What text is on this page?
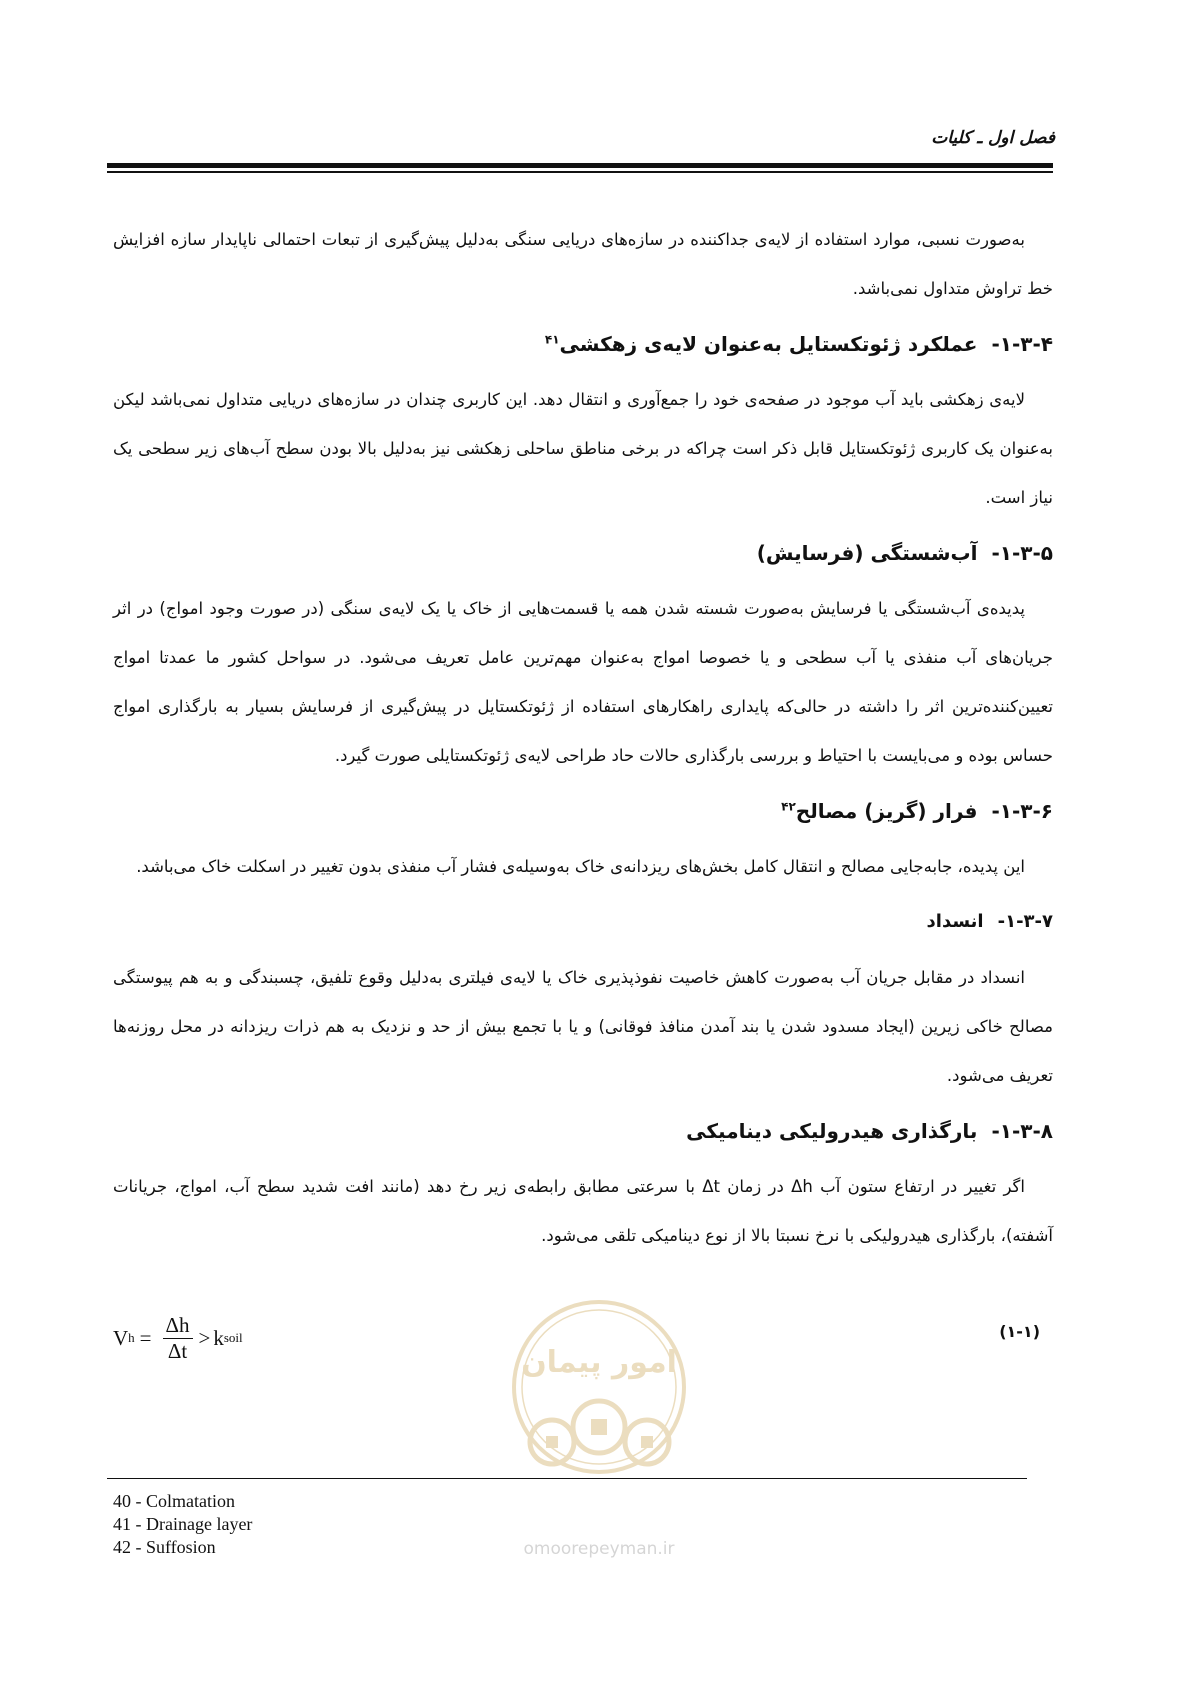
فصل اول ـ کلیات

به‌صورت نسبی، موارد استفاده از لایه‌ی جداکننده در سازه‌های دریایی سنگی به‌دلیل پیش‌گیری از تبعات احتمالی ناپایدار سازه افزایش خط تراوش متداول نمی‌باشد.

۱-۳-۴-عملکرد ژئوتکستایل به‌عنوان لایه‌ی زهکشی$^{۴۱}$

لایه‌ی زهکشی باید آب موجود در صفحه‌ی خود را جمع‌آوری و انتقال دهد. این کاربری چندان در سازه‌های دریایی متداول نمی‌باشد لیکن به‌عنوان یک کاربری ژئوتکستایل قابل ذکر است چراکه در برخی مناطق ساحلی زهکشی نیز به‌دلیل بالا بودن سطح آب‌های زیر سطحی یک نیاز است.

۱-۳-۵-آب‌شستگی (فرسایش)

پدیده‌ی آب‌شستگی یا فرسایش به‌صورت شسته شدن همه یا قسمت‌هایی از خاک یا یک لایه‌ی سنگی (در صورت وجود امواج) در اثر جریان‌های آب منفذی یا آب سطحی و یا خصوصا امواج به‌عنوان مهم‌ترین عامل تعریف می‌شود. در سواحل کشور ما عمدتا امواج تعیین‌کننده‌ترین اثر را داشته در حالی‌که پایداری راهکارهای استفاده از ژئوتکستایل در پیش‌گیری از فرسایش بسیار به بارگذاری امواج حساس بوده و می‌بایست با احتیاط و بررسی بارگذاری حالات حاد طراحی لایه‌ی ژئوتکستایلی صورت گیرد.

۱-۳-۶-فرار (گریز) مصالح$^{۴۲}$

این پدیده، جابه‌جایی مصالح و انتقال کامل بخش‌های ریزدانه‌ی خاک به‌وسیله‌ی فشار آب منفذی بدون تغییر در اسکلت خاک می‌باشد.

۱-۳-۷-انسداد

انسداد در مقابل جریان آب به‌صورت کاهش خاصیت نفوذپذیری خاک یا لایه‌ی فیلتری به‌دلیل وقوع تلفیق، چسبندگی و به هم پیوستگی مصالح خاکی زیرین (ایجاد مسدود شدن یا بند آمدن منافذ فوقانی) و یا با تجمع بیش از حد و نزدیک به هم ذرات ریزدانه در محل روزنه‌ها تعریف می‌شود.

۱-۳-۸-بارگذاری هیدرولیکی دینامیکی

اگر تغییر در ارتفاع ستون آب Δh در زمان Δt با سرعتی مطابق رابطه‌ی زیر رخ دهد (مانند افت شدید سطح آب، امواج، جریانات آشفته)، بارگذاری هیدرولیکی با نرخ نسبتا بالا از نوع دینامیکی تلقی می‌شود.

V $h = \frac{\Delta h}{\Delta t} > k$ soil	(۱-۱)
امور پیمان
omoorepeyman.ir
40 - Colmatation
41 - Drainage layer
42 - Suffosion
